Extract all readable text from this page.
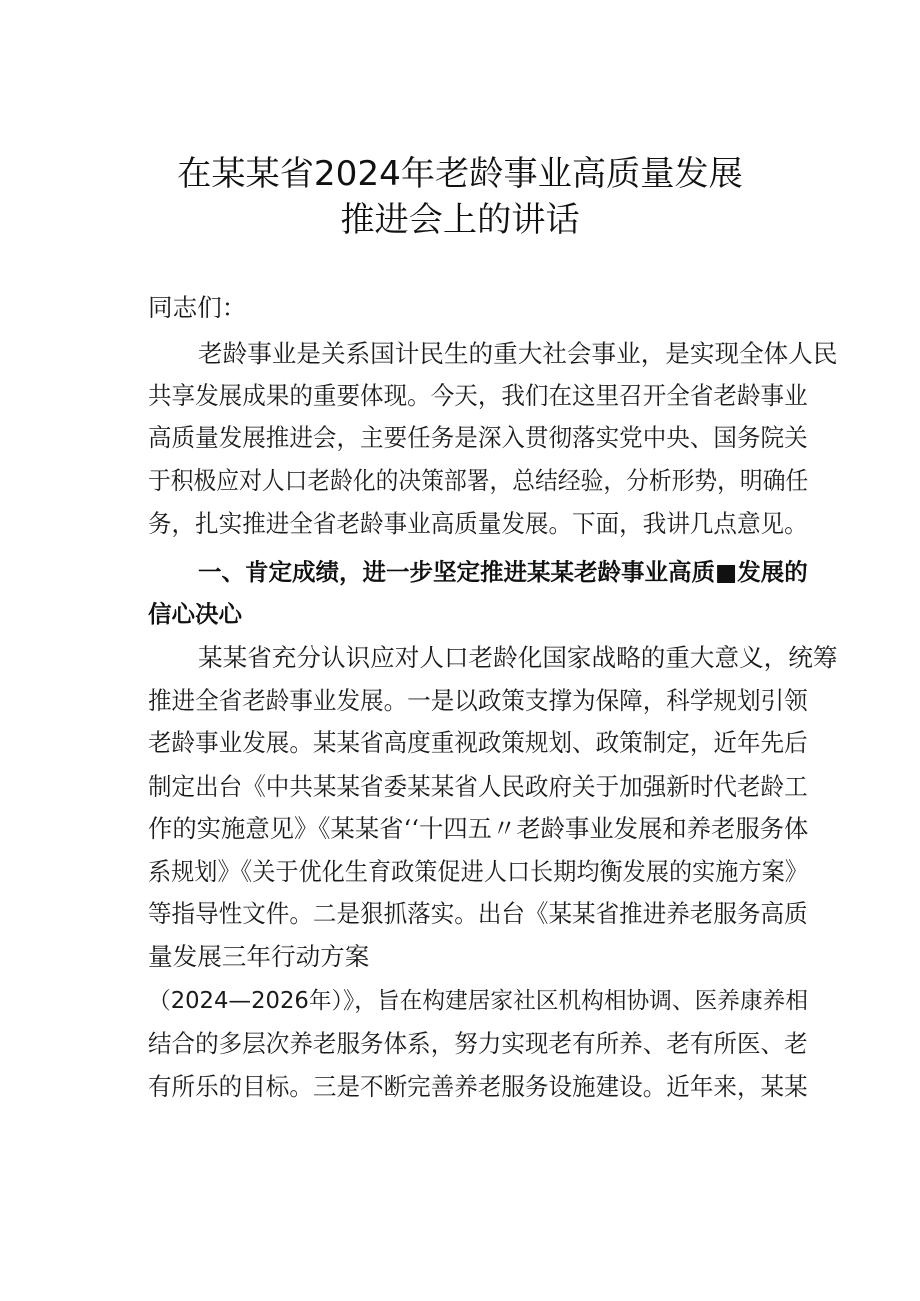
在某某省2024年老龄事业高质量发展
推进会上的讲话
同志们：
老龄事业是关系国计民生的重大社会事业，是实现全体人民
共享发展成果的重要体现。今天，我们在这里召开全省老龄事业
高质量发展推进会，主要任务是深入贯彻落实党中央、国务院关
于积极应对人口老龄化的决策部署，总结经验，分析形势，明确任
务，扎实推进全省老龄事业高质量发展。下面，我讲几点意见。
一、肯定成绩，进一步坚定推进某某老龄事业高质■发展的
信心决心
某某省充分认识应对人口老龄化国家战略的重大意义，统筹
推进全省老龄事业发展。一是以政策支撑为保障，科学规划引领
老龄事业发展。某某省高度重视政策规划、政策制定，近年先后
制定出台《中共某某省委某某省人民政府关于加强新时代老龄工
作的实施意见》《某某省‘‘十四五〃老龄事业发展和养老服务体
系规划》《关于优化生育政策促进人口长期均衡发展的实施方案》
等指导性文件。二是狠抓落实。出台《某某省推进养老服务高质
量发展三年行动方案
（2024—2026年）》，旨在构建居家社区机构相协调、医养康养相
结合的多层次养老服务体系，努力实现老有所养、老有所医、老
有所乐的目标。三是不断完善养老服务设施建设。近年来，某某
